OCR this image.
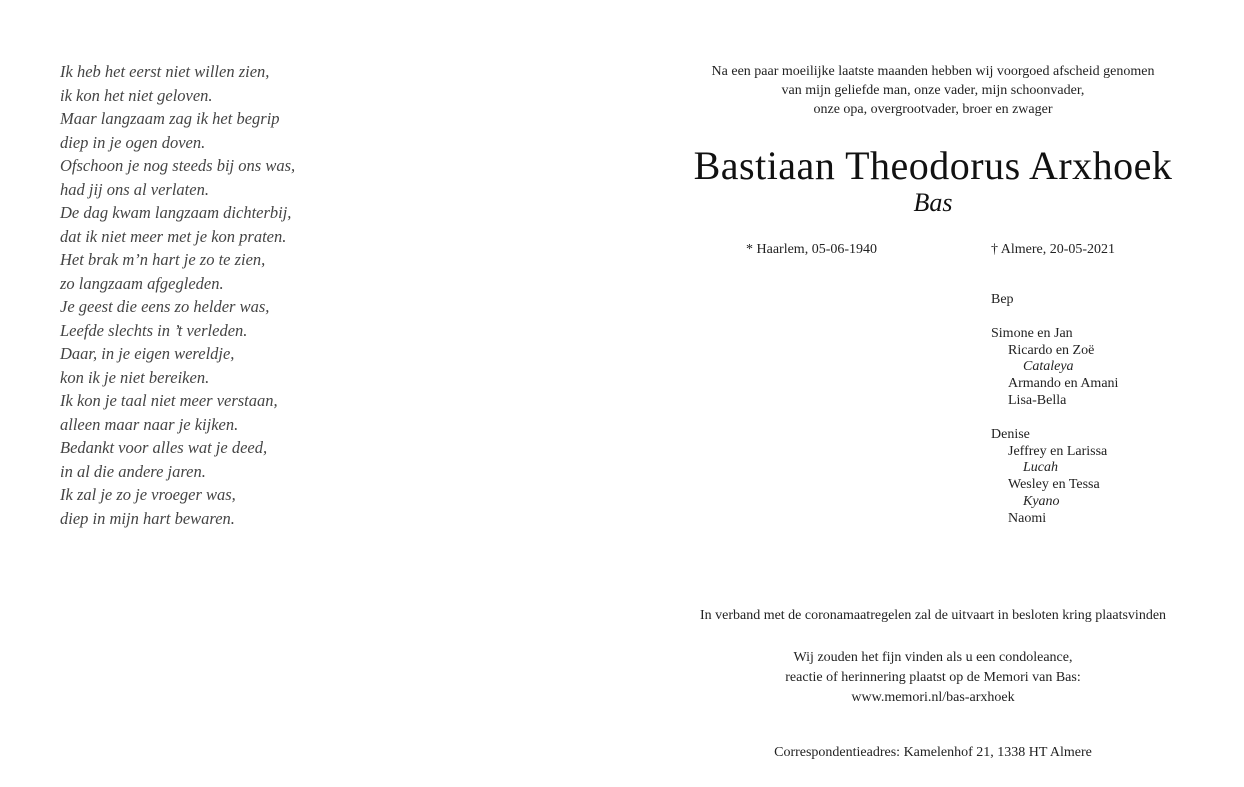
Ik heb het eerst niet willen zien,
ik kon het niet geloven.
Maar langzaam zag ik het begrip
diep in je ogen doven.
Ofschoon je nog steeds bij ons was,
had jij ons al verlaten.
De dag kwam langzaam dichterbij,
dat ik niet meer met je kon praten.
Het brak m’n hart je zo te zien,
zo langzaam afgegleden.
Je geest die eens zo helder was,
Leefde slechts in ’t verleden.
Daar, in je eigen wereldje,
kon ik je niet bereiken.
Ik kon je taal niet meer verstaan,
alleen maar naar je kijken.
Bedankt voor alles wat je deed,
in al die andere jaren.
Ik zal je zo je vroeger was,
diep in mijn hart bewaren.
Na een paar moeilijke laatste maanden hebben wij voorgoed afscheid genomen
van mijn geliefde man, onze vader, mijn schoonvader,
onze opa, overgrootvader, broer en zwager
Bastiaan Theodorus Arxhoek
Bas
* Haarlem, 05-06-1940	† Almere, 20-05-2021
Bep
Simone en Jan
Ricardo en Zoë
Cataleya
Armando en Amani
Lisa-Bella
Denise
Jeffrey en Larissa
Lucah
Wesley en Tessa
Kyano
Naomi
In verband met de coronamaatregelen zal de uitvaart in besloten kring plaatsvinden
Wij zouden het fijn vinden als u een condoleance,
reactie of herinnering plaatst op de Memori van Bas:
www.memori.nl/bas-arxhoek
Correspondentieadres: Kamelenhof 21, 1338 HT Almere
